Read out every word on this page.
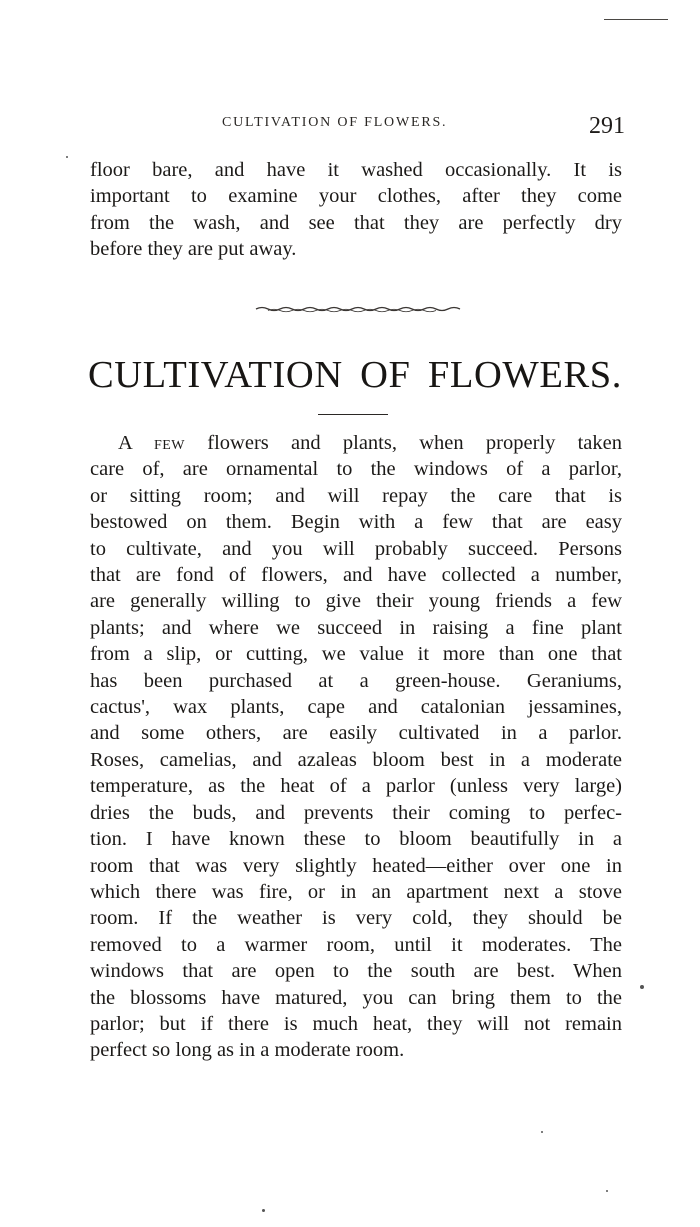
CULTIVATION OF FLOWERS.	291
floor bare, and have it washed occasionally. It is
important to examine your clothes, after they come
from the wash, and see that they are perfectly dry
before they are put away.
CULTIVATION OF FLOWERS.
A few flowers and plants, when properly taken
care of, are ornamental to the windows of a parlor,
or sitting room; and will repay the care that is
bestowed on them. Begin with a few that are easy
to cultivate, and you will probably succeed. Persons
that are fond of flowers, and have collected a number,
are generally willing to give their young friends a few
plants; and where we succeed in raising a fine plant
from a slip, or cutting, we value it more than one that
has been purchased at a green-house. Geraniums,
cactus', wax plants, cape and catalonian jessamines,
and some others, are easily cultivated in a parlor.
Roses, camelias, and azaleas bloom best in a moderate
temperature, as the heat of a parlor (unless very large)
dries the buds, and prevents their coming to perfec-
tion. I have known these to bloom beautifully in a
room that was very slightly heated—either over one in
which there was fire, or in an apartment next a stove
room. If the weather is very cold, they should be
removed to a warmer room, until it moderates. The
windows that are open to the south are best. When
the blossoms have matured, you can bring them to the
parlor; but if there is much heat, they will not remain
perfect so long as in a moderate room.
